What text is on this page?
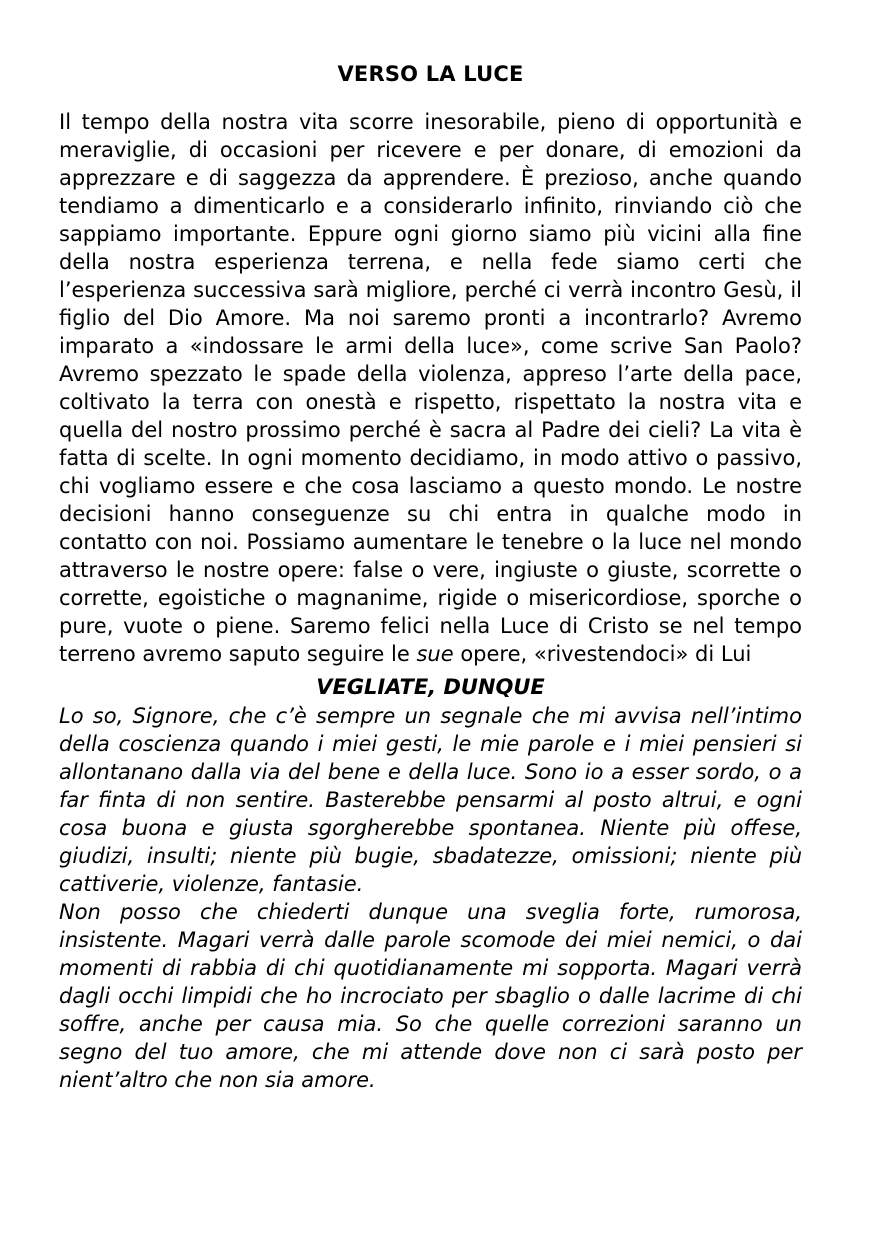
VERSO LA LUCE

Il tempo della nostra vita scorre inesorabile, pieno di opportunità e meraviglie, di occasioni per ricevere e per donare, di emozioni da apprezzare e di saggezza da apprendere. È prezioso, anche quando tendiamo a dimenticarlo e a considerarlo infinito, rinviando ciò che sappiamo importante. Eppure ogni giorno siamo più vicini alla fine della nostra esperienza terrena, e nella fede siamo certi che l’esperienza successiva sarà migliore, perché ci verrà incontro Gesù, il figlio del Dio Amore. Ma noi saremo pronti a incontrarlo? Avremo imparato a «indossare le armi della luce», come scrive San Paolo? Avremo spezzato le spade della violenza, appreso l’arte della pace, coltivato la terra con onestà e rispetto, rispettato la nostra vita e quella del nostro prossimo perché è sacra al Padre dei cieli? La vita è fatta di scelte. In ogni momento decidiamo, in modo attivo o passivo, chi vogliamo essere e che cosa lasciamo a questo mondo. Le nostre decisioni hanno conseguenze su chi entra in qualche modo in contatto con noi. Possiamo aumentare le tenebre o la luce nel mondo attraverso le nostre opere: false o vere, ingiuste o giuste, scorrette o corrette, egoistiche o magnanime, rigide o misericordiose, sporche o pure, vuote o piene. Saremo felici nella Luce di Cristo se nel tempo terreno avremo saputo seguire le sue opere, «rivestendoci» di Lui

VEGLIATE, DUNQUE

Lo so, Signore, che c’è sempre un segnale che mi avvisa nell’intimo della coscienza quando i miei gesti, le mie parole e i miei pensieri si allontanano dalla via del bene e della luce. Sono io a esser sordo, o a far finta di non sentire. Basterebbe pensarmi al posto altrui, e ogni cosa buona e giusta sgorgherebbe spontanea. Niente più offese, giudizi, insulti; niente più bugie, sbadatezze, omissioni; niente più cattiverie, violenze, fantasie.

Non posso che chiederti dunque una sveglia forte, rumorosa, insistente. Magari verrà dalle parole scomode dei miei nemici, o dai momenti di rabbia di chi quotidianamente mi sopporta. Magari verrà dagli occhi limpidi che ho incrociato per sbaglio o dalle lacrime di chi soffre, anche per causa mia. So che quelle correzioni saranno un segno del tuo amore, che mi attende dove non ci sarà posto per nient’altro che non sia amore.
